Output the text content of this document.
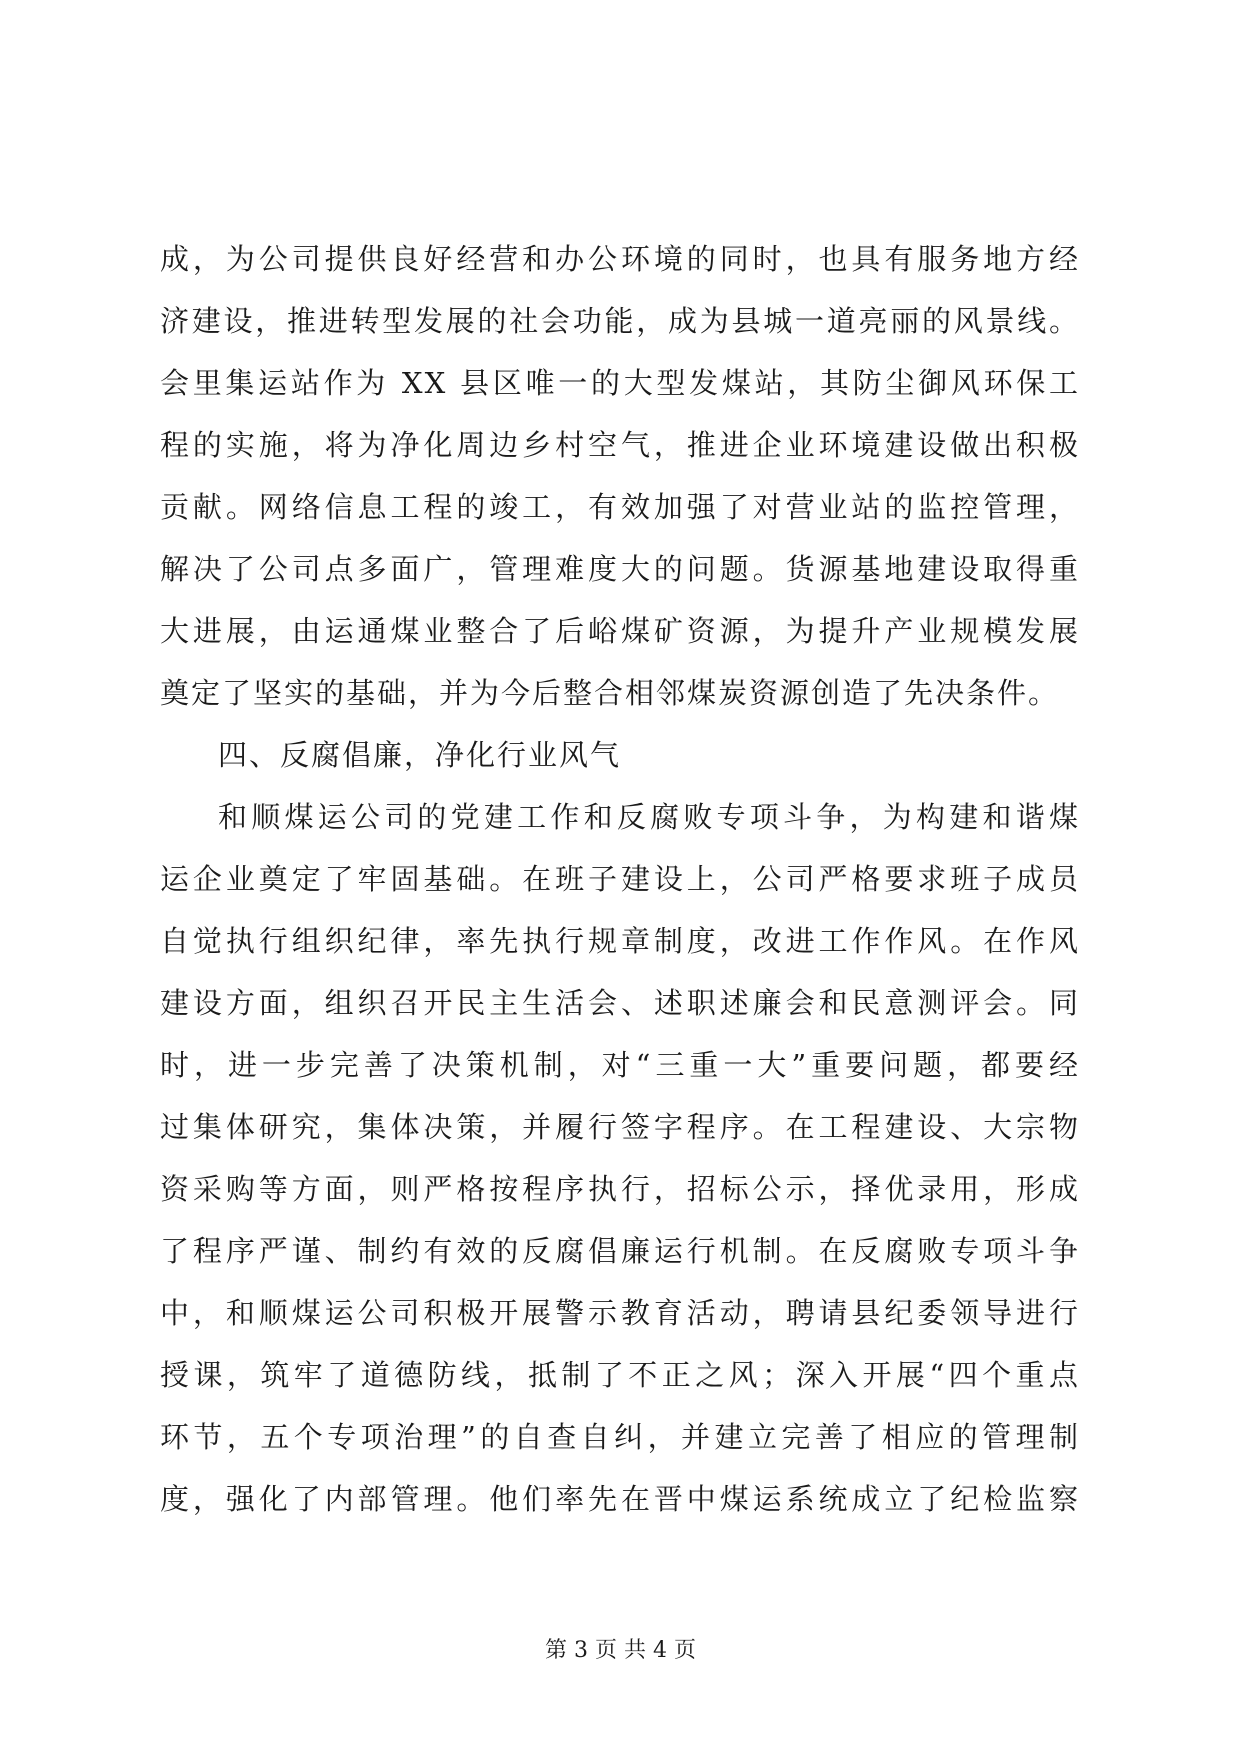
成，为公司提供良好经营和办公环境的同时，也具有服务地方经
济建设，推进转型发展的社会功能，成为县城一道亮丽的风景线。
会里集运站作为 XX 县区唯一的大型发煤站，其防尘御风环保工
程的实施，将为净化周边乡村空气，推进企业环境建设做出积极
贡献。网络信息工程的竣工，有效加强了对营业站的监控管理，
解决了公司点多面广，管理难度大的问题。货源基地建设取得重
大进展，由运通煤业整合了后峪煤矿资源，为提升产业规模发展
奠定了坚实的基础，并为今后整合相邻煤炭资源创造了先决条件。
四、反腐倡廉，净化行业风气
和顺煤运公司的党建工作和反腐败专项斗争，为构建和谐煤
运企业奠定了牢固基础。在班子建设上，公司严格要求班子成员
自觉执行组织纪律，率先执行规章制度，改进工作作风。在作风
建设方面，组织召开民主生活会、述职述廉会和民意测评会。同
时，进一步完善了决策机制，对“三重一大”重要问题，都要经
过集体研究，集体决策，并履行签字程序。在工程建设、大宗物
资采购等方面，则严格按程序执行，招标公示，择优录用，形成
了程序严谨、制约有效的反腐倡廉运行机制。在反腐败专项斗争
中，和顺煤运公司积极开展警示教育活动，聘请县纪委领导进行
授课，筑牢了道德防线，抵制了不正之风；深入开展“四个重点
环节，五个专项治理”的自查自纠，并建立完善了相应的管理制
度，强化了内部管理。他们率先在晋中煤运系统成立了纪检监察
第 3 页 共 4 页
